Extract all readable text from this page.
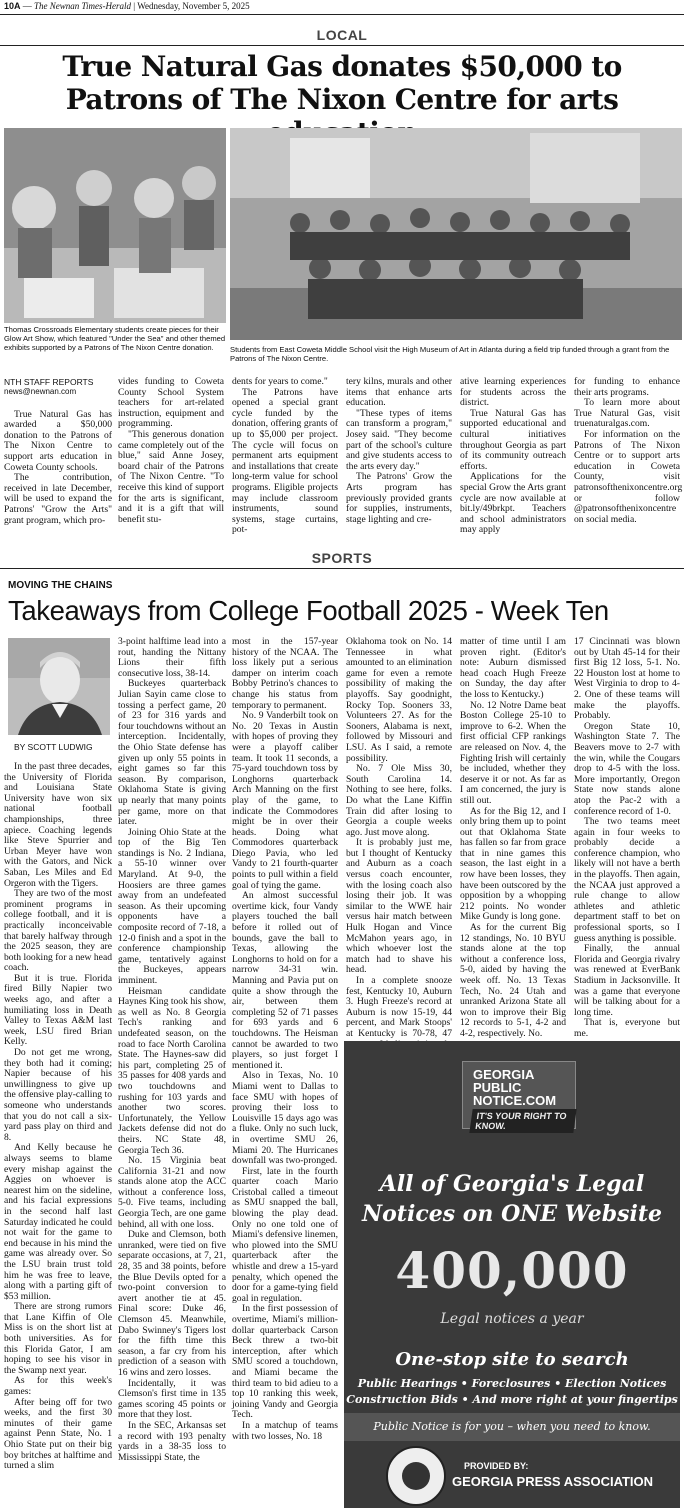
10A — The Newnan Times-Herald | Wednesday, November 5, 2025
LOCAL
True Natural Gas donates $50,000 to Patrons of The Nixon Centre for arts
Thomas Crossroads Elementary students create pieces for their Glow Art Show, which featured "Under the Sea" and other themed exhibits supported by a Patrons of The Nixon Centre donation.	Students from East Coweta Middle School visit the High Museum of Art in Atlanta during a field trip funded through a grant from the Patrons of The Nixon Centre.

NTH STAFF REPORTS

news@newnan.com

True Natural Gas has awarded a $50,000 donation to the Patrons of The Nixon Centre to support arts education in Coweta County schools.

The contribution, received in late December, will be used to expand the Patrons' "Grow the Arts" grant program, which pro-

vides funding to Coweta County School System teachers for art-related instruction, equipment and programming.

"This generous donation came completely out of the blue," said Anne Josey, board chair of the Patrons of The Nixon Centre. "To receive this kind of support for the arts is significant, and it is a gift that will benefit stu-

dents for years to come."

The Patrons have opened a special grant cycle funded by the donation, offering grants of up to $5,000 per project. The cycle will focus on permanent arts equipment and installations that create long-term value for school programs. Eligible projects may include classroom instruments, sound systems, stage curtains, pot-

tery kilns, murals and other items that enhance arts education.

"These types of items can transform a program," Josey said. "They become part of the school's culture and give students access to the arts every day."

The Patrons' Grow the Arts program has previously provided grants for supplies, instruments, stage lighting and cre-

ative learning experiences for students across the district.

True Natural Gas has supported educational and cultural initiatives throughout Georgia as part of its community outreach efforts.

Applications for the special Grow the Arts grant cycle are now available at bit.ly/49brkpt. Teachers and school administrators may apply

for funding to enhance their arts programs.

To learn more about True Natural Gas, visit truenaturalgas.com.

For information on the Patrons of The Nixon Centre or to support arts education in Coweta County, visit patronsofthenixoncentre.org or follow @patronsofthenixoncentre on social media.

SPORTS
MOVING THE CHAINS
Takeaways from College Football 2025 - Week Ten
BY SCOTT LUDWIG

In the past three decades, the University of Florida and Louisiana State University have won six national football championships, three apiece. Coaching legends like Steve Spurrier and Urban Meyer have won with the Gators, and Nick Saban, Les Miles and Ed Orgeron with the Tigers.

They are two of the most prominent programs in college football, and it is practically inconceivable that barely halfway through the 2025 season, they are both looking for a new head coach.

But it is true. Florida fired Billy Napier two weeks ago, and after a humiliating loss in Death Valley to Texas A&M last week, LSU fired Brian Kelly.

Do not get me wrong, they both had it coming; Napier because of his unwillingness to give up the offensive play-calling to someone who understands that you do not call a six-yard pass play on third and 8.

And Kelly because he always seems to blame every mishap against the Aggies on whoever is nearest him on the sideline, and his facial expressions in the second half last Saturday indicated he could not wait for the game to end because in his mind the game was already over. So the LSU brain trust told him he was free to leave, along with a parting gift of $53 million.

There are strong rumors that Lane Kiffin of Ole Miss is on the short list at both universities. As for this Florida Gator, I am hoping to see his visor in the Swamp next year.

As for this week's games:

After being off for two weeks, and the first 30 minutes of their game against Penn State, No. 1 Ohio State put on their big boy britches at halftime and turned a slim

3-point halftime lead into a rout, handing the Nittany Lions their fifth consecutive loss, 38-14.

Buckeyes quarterback Julian Sayin came close to tossing a perfect game, 20 of 23 for 316 yards and four touchdowns without an interception. Incidentally, the Ohio State defense has given up only 55 points in eight games so far this season. By comparison, Oklahoma State is giving up nearly that many points per game, more on that later.

Joining Ohio State at the top of the Big Ten standings is No. 2 Indiana, a 55-10 winner over Maryland. At 9-0, the Hoosiers are three games away from an undefeated season. As their upcoming opponents have a composite record of 7-18, a 12-0 finish and a spot in the conference championship game, tentatively against the Buckeyes, appears imminent.

Heisman candidate Haynes King took his show, as well as No. 8 Georgia Tech's ranking and undefeated season, on the road to face North Carolina State. The Haynes-saw did his part, completing 25 of 35 passes for 408 yards and two touchdowns and rushing for 103 yards and another two scores. Unfortunately, the Yellow Jackets defense did not do theirs. NC State 48, Georgia Tech 36.

No. 15 Virginia beat California 31-21 and now stands alone atop the ACC without a conference loss, 5-0. Five teams, including Georgia Tech, are one game behind, all with one loss.

Duke and Clemson, both unranked, were tied on five separate occasions, at 7, 21, 28, 35 and 38 points, before the Blue Devils opted for a two-point conversion to avert another tie at 45. Final score: Duke 46, Clemson 45. Meanwhile, Dabo Swinney's Tigers lost for the fifth time this season, a far cry from his prediction of a season with 16 wins and zero losses.

Incidentally, it was Clemson's first time in 135 games scoring 45 points or more that they lost.

In the SEC, Arkansas set a record with 193 penalty yards in a 38-35 loss to Mississippi State, the

most in the 157-year history of the NCAA. The loss likely put a serious damper on interim coach Bobby Petrino's chances to change his status from temporary to permanent.

No. 9 Vanderbilt took on No. 20 Texas in Austin with hopes of proving they were a playoff caliber team. It took 11 seconds, a 75-yard touchdown toss by Longhorns quarterback Arch Manning on the first play of the game, to indicate the Commodores might be in over their heads. Doing what Commodores quarterback Diego Pavia, who led Vandy to 21 fourth-quarter points to pull within a field goal of tying the game.

An almost successful overtime kick, four Vandy players touched the ball before it rolled out of bounds, gave the ball to Texas, allowing the Longhorns to hold on for a narrow 34-31 win. Manning and Pavia put on quite a show through the air, between them completing 52 of 71 passes for 693 yards and 6 touchdowns. The Heisman cannot be awarded to two players, so just forget I mentioned it.

Also in Texas, No. 10 Miami went to Dallas to face SMU with hopes of proving their loss to Louisville 15 days ago was a fluke. Only no such luck, in overtime SMU 26, Miami 20. The Hurricanes downfall was two-pronged.

First, late in the fourth quarter coach Mario Cristobal called a timeout as SMU snapped the ball, blowing the play dead. Only no one told one of Miami's defensive linemen, who plowed into the SMU quarterback after the whistle and drew a 15-yard penalty, which opened the door for a game-tying field goal in regulation.

In the first possession of overtime, Miami's million-dollar quarterback Carson Beck threw a two-bit interception, after which SMU scored a touchdown, and Miami became the third team to bid adieu to a top 10 ranking this week, joining Vandy and Georgia Tech.

In a matchup of teams with two losses, No. 18

Oklahoma took on No. 14 Tennessee in what amounted to an elimination game for even a remote possibility of making the playoffs. Say goodnight, Rocky Top. Sooners 33, Volunteers 27. As for the Sooners, Alabama is next, followed by Missouri and LSU. As I said, a remote possibility.

No. 7 Ole Miss 30, South Carolina 14. Nothing to see here, folks. Do what the Lane Kiffin Train did after losing to Georgia a couple weeks ago. Just move along.

It is probably just me, but I thought of Kentucky and Auburn as a coach versus coach encounter, with the losing coach also losing their job. It was similar to the WWE hair versus hair match between Hulk Hogan and Vince McMahon years ago, in which whoever lost the match had to shave his head.

In a complete snooze fest, Kentucky 10, Auburn 3. Hugh Freeze's record at Auburn is now 15-19, 44 percent, and Mark Stoops' at Kentucky is 70-78, 47

matter of time until I am proven right. (Editor's note: Auburn dismissed head coach Hugh Freeze on Sunday, the day after the loss to Kentucky.)

No. 12 Notre Dame beat Boston College 25-10 to improve to 6-2. When the first official CFP rankings are released on Nov. 4, the Fighting Irish will certainly be included, whether they deserve it or not. As far as I am concerned, the jury is still out.

As for the Big 12, and I only bring them up to point out that Oklahoma State has fallen so far from grace that in nine games this season, the last eight in a row have been losses, they have been outscored by the opposition by a whopping 212 points. No wonder Mike Gundy is long gone.

As for the current Big 12 standings, No. 10 BYU stands alone at the top without a conference loss, 5-0, aided by having the week off. No. 13 Texas Tech, No. 24 Utah and unranked Arizona State all won to improve their Big 12 records to 5-1, 4-2 and 4-2, respectively. No.

17 Cincinnati was blown out by Utah 45-14 for their first Big 12 loss, 5-1. No. 22 Houston lost at home to West Virginia to drop to 4-2. One of these teams will make the playoffs. Probably.

Oregon State 10, Washington State 7. The Beavers move to 2-7 with the win, while the Cougars drop to 4-5 with the loss. More importantly, Oregon State now stands alone atop the Pac-2 with a conference record of 1-0.

The two teams meet again in four weeks to probably decide a conference champion, who likely will not have a berth in the playoffs. Then again, the NCAA just approved a rule change to allow athletes and athletic department staff to bet on professional sports, so I guess anything is possible.

Finally, the annual Florida and Georgia rivalry was renewed at EverBank Stadium in Jacksonville. It was a game that everyone will be talking about for a long time.

That is, everyone but me.

GEORGIA PUBLIC NOTICE.COM
IT'S YOUR RIGHT TO KNOW.
All of Georgia's Legal
Notices on ONE Website
400,000
Legal notices a year
One-stop site to search
Public Hearings • Foreclosures • Election Notices
Construction Bids • And more right at your fingertips
Public Notice is for you – when you need to know.
PROVIDED BY:
GEORGIA PRESS ASSOCIATION
